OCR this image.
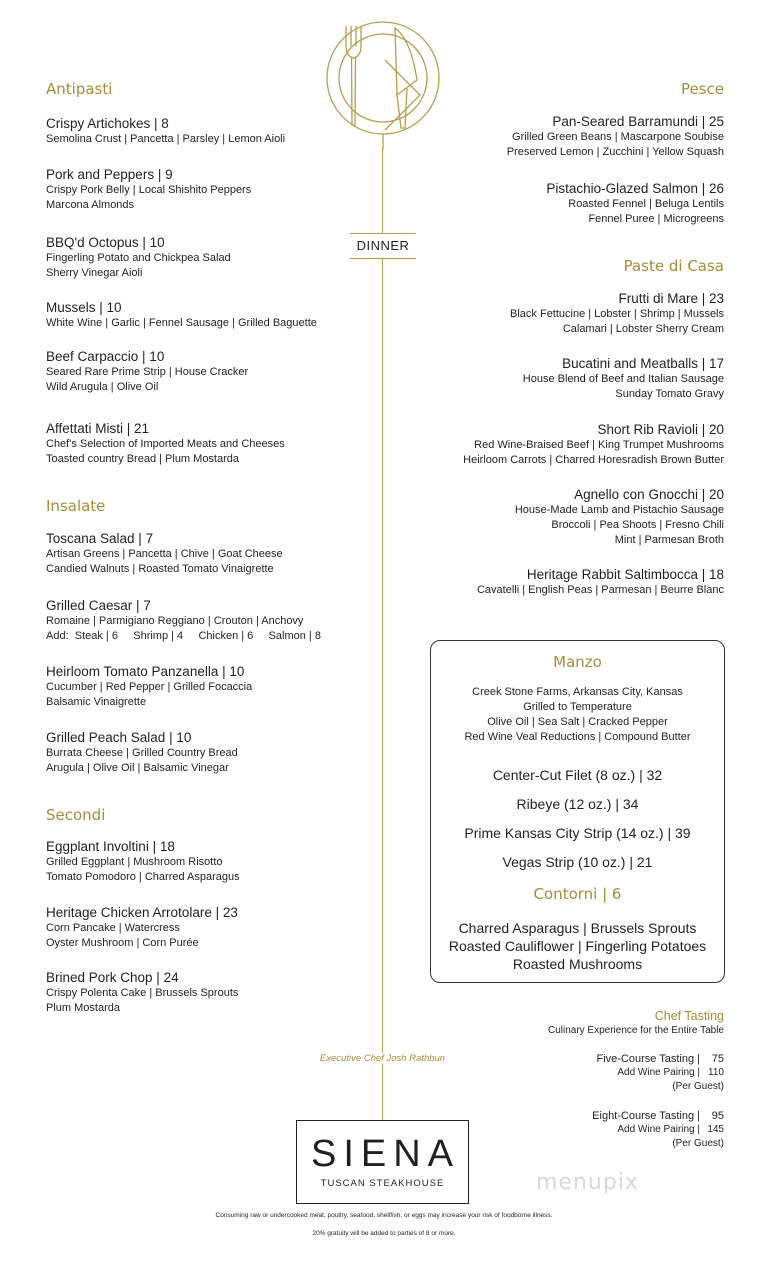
DINNER
Antipasti
Crispy Artichokes | 8
Semolina Crust | Pancetta | Parsley | Lemon Aioli
Pork and Peppers | 9
Crispy Pork Belly | Local Shishito Peppers
Marcona Almonds
BBQ'd Octopus | 10
Fingerling Potato and Chickpea Salad
Sherry Vinegar Aioli
Mussels | 10
White Wine | Garlic | Fennel Sausage | Grilled Baguette
Beef Carpaccio | 10
Seared Rare Prime Strip | House Cracker
Wild Arugula | Olive Oil
Affettati Misti | 21
Chef's Selection of Imported Meats and Cheeses
Toasted country Bread | Plum Mostarda
Insalate
Toscana Salad | 7
Artisan Greens | Pancetta | Chive | Goat Cheese
Candied Walnuts | Roasted Tomato Vinaigrette
Grilled Caesar | 7
Romaine | Parmigiano Reggiano | Crouton | Anchovy
Add:  Steak | 6     Shrimp | 4     Chicken | 6     Salmon | 8
Heirloom Tomato Panzanella | 10
Cucumber | Red Pepper | Grilled Focaccia
Balsamic Vinaigrette
Grilled Peach Salad | 10
Burrata Cheese | Grilled Country Bread
Arugula | Olive Oil | Balsamic Vinegar
Secondi
Eggplant Involtini | 18
Grilled Eggplant | Mushroom Risotto
Tomato Pomodoro | Charred Asparagus
Heritage Chicken Arrotolare | 23
Corn Pancake | Watercress
Oyster Mushroom | Corn Purée
Brined Pork Chop | 24
Crispy Polenta Cake | Brussels Sprouts
Plum Mostarda
Pesce
Pan-Seared Barramundi | 25
Grilled Green Beans | Mascarpone Soubise
Preserved Lemon | Zucchini | Yellow Squash
Pistachio-Glazed Salmon | 26
Roasted Fennel | Beluga Lentils
Fennel Puree | Microgreens
Paste di Casa
Frutti di Mare | 23
Black Fettucine | Lobster | Shrimp | Mussels
Calamari | Lobster Sherry Cream
Bucatini and Meatballs | 17
House Blend of Beef and Italian Sausage
Sunday Tomato Gravy
Short Rib Ravioli | 20
Red Wine-Braised Beef | King Trumpet Mushrooms
Heirloom Carrots | Charred Horesradish Brown Butter
Agnello con Gnocchi | 20
House-Made Lamb and Pistachio Sausage
Broccoli | Pea Shoots | Fresno Chili
Mint | Parmesan Broth
Heritage Rabbit Saltimbocca | 18
Cavatelli | English Peas | Parmesan | Beurre Blanc
Manzo
Creek Stone Farms, Arkansas City, Kansas
Grilled to Temperature
Olive Oil | Sea Salt | Cracked Pepper
Red Wine Veal Reductions | Compound Butter
Center-Cut Filet (8 oz.) | 32
Ribeye (12 oz.) | 34
Prime Kansas City Strip (14 oz.) | 39
Vegas Strip (10 oz.) | 21
Contorni | 6
Charred Asparagus | Brussels Sprouts
Roasted Cauliflower | Fingerling Potatoes
Roasted Mushrooms
Chef Tasting
Culinary Experience for the Entire Table
Five-Course Tasting |	75
Add Wine Pairing | 110
(Per Guest)
Eight-Course Tasting |	95
Add Wine Pairing | 145
(Per Guest)
Executive Chef Josh Rathbun
SIENA
TUSCAN STEAKHOUSE	menupix
Consuming raw or undercooked meat, poultry, seafood, shellfish, or eggs may increase your risk of foodborne illness.
20% gratuity will be added to parties of 8 or more.
